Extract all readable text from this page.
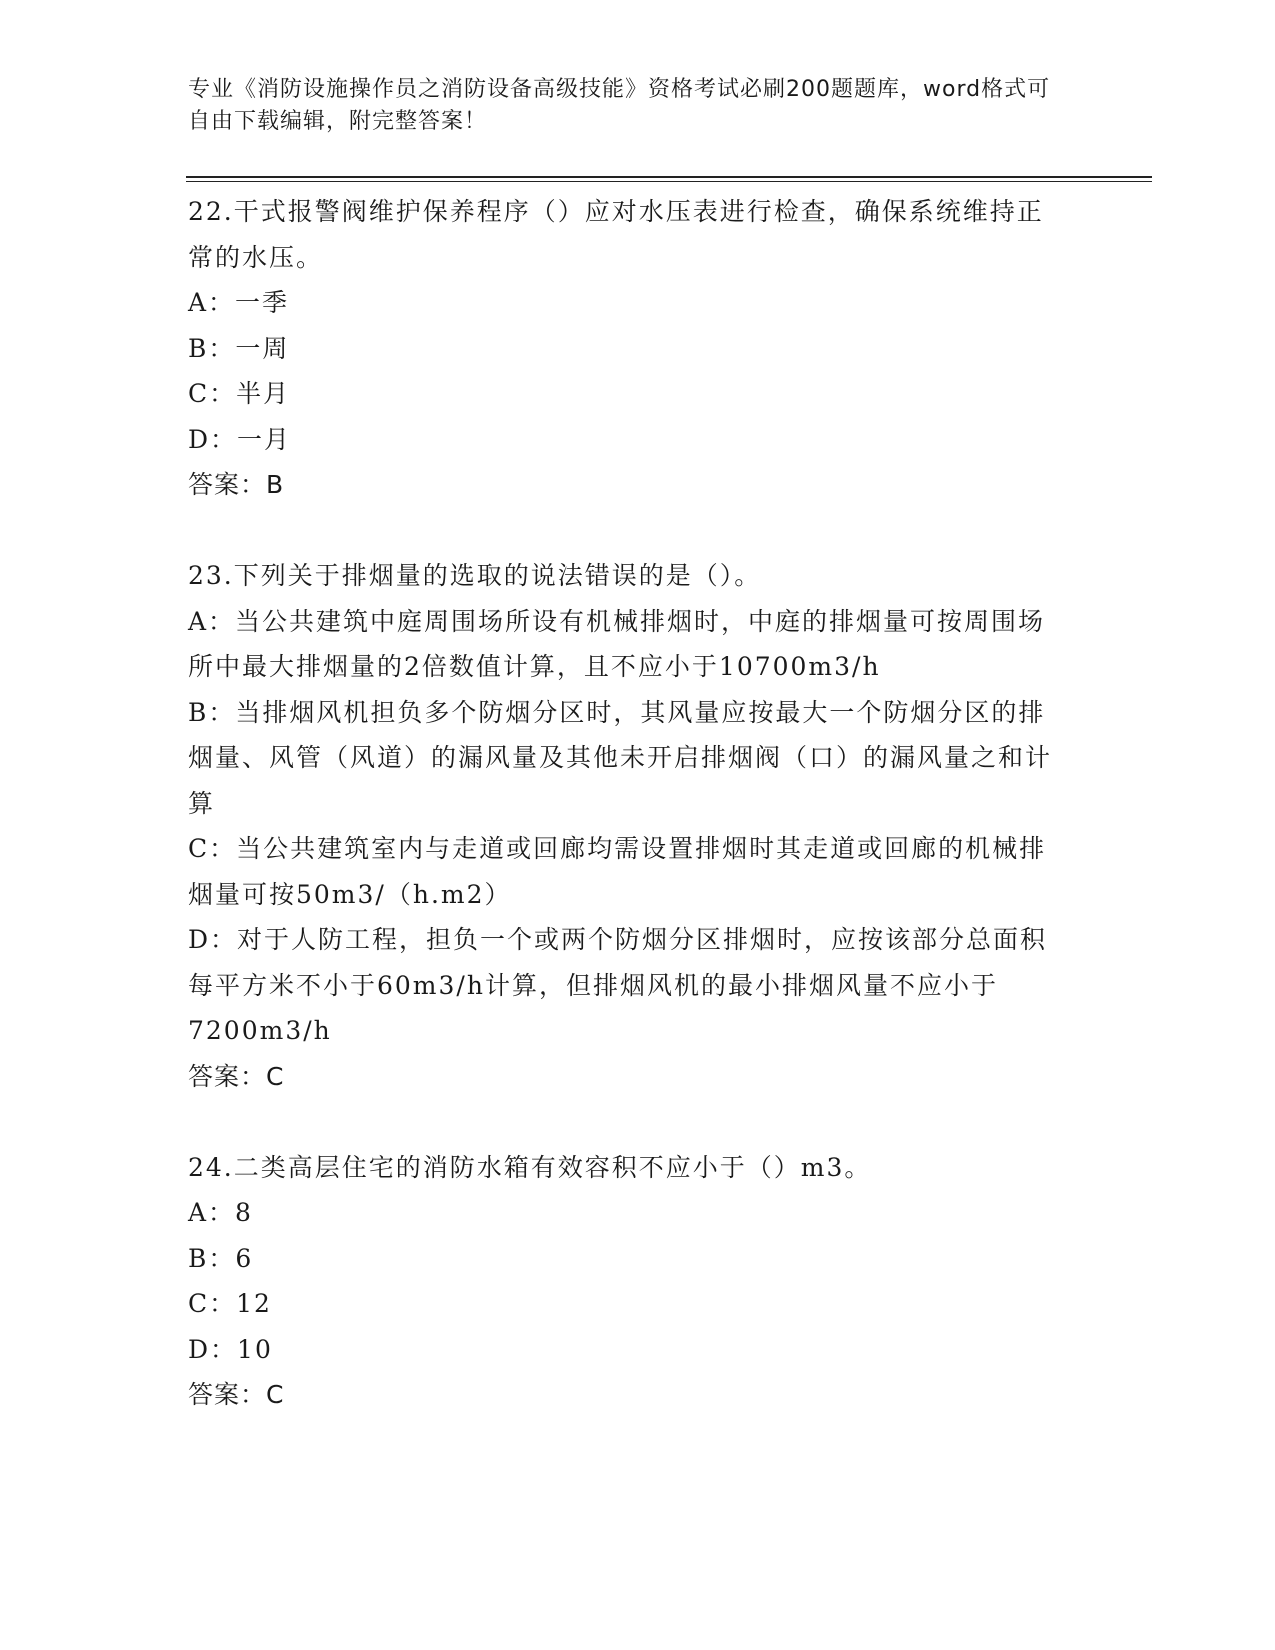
专业《消防设施操作员之消防设备高级技能》资格考试必刷200题题库，word格式可自由下载编辑，附完整答案！

22.干式报警阀维护保养程序（）应对水压表进行检查，确保系统维持正常的水压。

A：一季

B：一周

C：半月

D：一月

答案：B

23.下列关于排烟量的选取的说法错误的是（）。

A：当公共建筑中庭周围场所设有机械排烟时，中庭的排烟量可按周围场所中最大排烟量的2倍数值计算，且不应小于10700m3/h

B：当排烟风机担负多个防烟分区时，其风量应按最大一个防烟分区的排烟量、风管（风道）的漏风量及其他未开启排烟阀（口）的漏风量之和计算

C：当公共建筑室内与走道或回廊均需设置排烟时其走道或回廊的机械排烟量可按50m3/（h.m2）

D：对于人防工程，担负一个或两个防烟分区排烟时，应按该部分总面积每平方米不小于60m3/h计算，但排烟风机的最小排烟风量不应小于7200m3/h

答案：C

24.二类高层住宅的消防水箱有效容积不应小于（）m3。

A：8

B：6

C：12

D：10

答案：C
